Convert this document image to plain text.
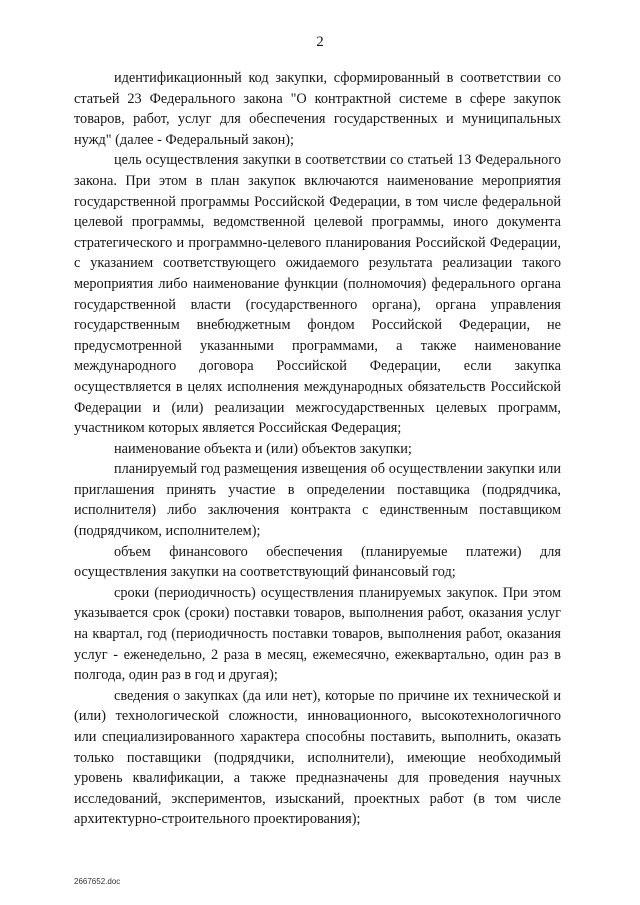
2

идентификационный код закупки, сформированный в соответствии со статьей 23 Федерального закона "О контрактной системе в сфере закупок товаров, работ, услуг для обеспечения государственных и муниципальных нужд" (далее - Федеральный закон);

цель осуществления закупки в соответствии со статьей 13 Федерального закона. При этом в план закупок включаются наименование мероприятия государственной программы Российской Федерации, в том числе федеральной целевой программы, ведомственной целевой программы, иного документа стратегического и программно-целевого планирования Российской Федерации, с указанием соответствующего ожидаемого результата реализации такого мероприятия либо наименование функции (полномочия) федерального органа государственной власти (государственного органа), органа управления государственным внебюджетным фондом Российской Федерации, не предусмотренной указанными программами, а также наименование международного договора Российской Федерации, если закупка осуществляется в целях исполнения международных обязательств Российской Федерации и (или) реализации межгосударственных целевых программ, участником которых является Российская Федерация;

наименование объекта и (или) объектов закупки;

планируемый год размещения извещения об осуществлении закупки или приглашения принять участие в определении поставщика (подрядчика, исполнителя) либо заключения контракта с единственным поставщиком (подрядчиком, исполнителем);

объем финансового обеспечения (планируемые платежи) для осуществления закупки на соответствующий финансовый год;

сроки (периодичность) осуществления планируемых закупок. При этом указывается срок (сроки) поставки товаров, выполнения работ, оказания услуг на квартал, год (периодичность поставки товаров, выполнения работ, оказания услуг - еженедельно, 2 раза в месяц, ежемесячно, ежеквартально, один раз в полгода, один раз в год и другая);

сведения о закупках (да или нет), которые по причине их технической и (или) технологической сложности, инновационного, высокотехнологичного или специализированного характера способны поставить, выполнить, оказать только поставщики (подрядчики, исполнители), имеющие необходимый уровень квалификации, а также предназначены для проведения научных исследований, экспериментов, изысканий, проектных работ (в том числе архитектурно-строительного проектирования);

2667652.doc
